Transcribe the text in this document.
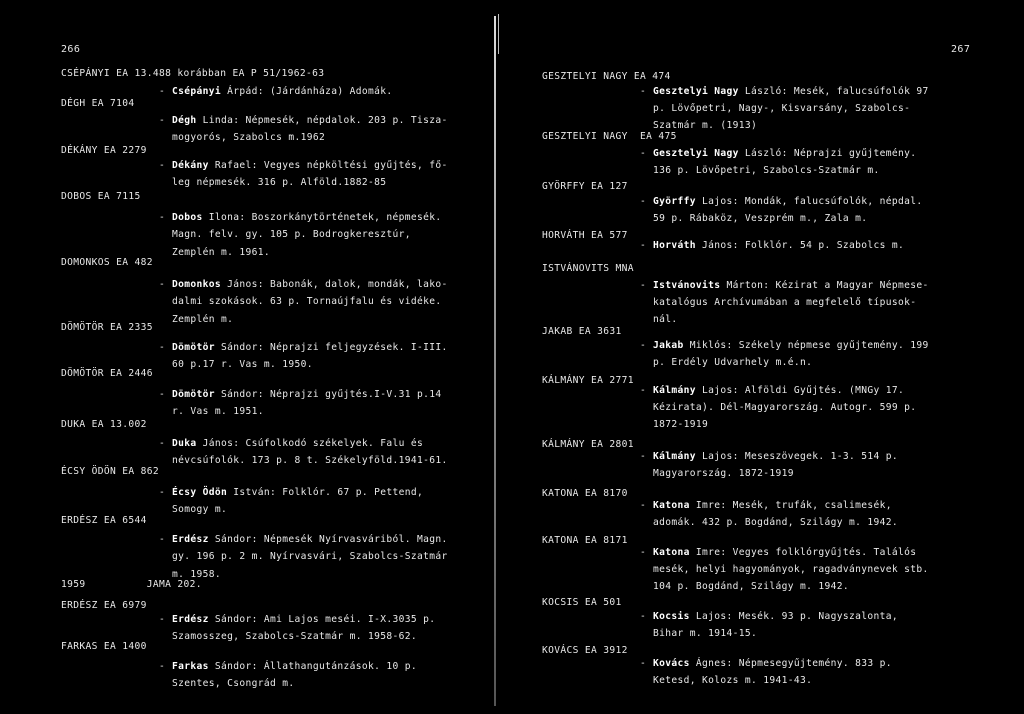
266	267
CSÉPÁNYI EA 13.488 korábban EA P 51/1962-63
- Csépányi Árpád: (Járdánháza) Adomák.
DÉGH EA 7104
- Dégh Linda: Népmesék, népdalok. 203 p. Tisza-
mogyorós, Szabolcs m.1962
DÉKÁNY EA 2279
- Dékány Rafael: Vegyes népköltési gyűjtés, fő-
leg népmesék. 316 p. Alföld.1882-85
DOBOS EA 7115
- Dobos Ilona: Boszorkánytörténetek, népmesék.
Magn. felv. gy. 105 p. Bodrogkeresztúr,
Zemplén m. 1961.
DOMONKOS EA 482
- Domonkos János: Babonák, dalok, mondák, lako-
dalmi szokások. 63 p. Tornaújfalu és vidéke.
Zemplén m.
DÖMÖTÖR EA 2335
- Dömötör Sándor: Néprajzi feljegyzések. I-III.
60 p.17 r. Vas m. 1950.
DÖMÖTÖR EA 2446
- Dömötör Sándor: Néprajzi gyűjtés.I-V.31 p.14
r. Vas m. 1951.
DUKA EA 13.002
- Duka János: Csúfolkodó székelyek. Falu és
névcsúfolók. 173 p. 8 t. Székelyföld.1941-61.
ÉCSY ÖDÖN EA 862
- Écsy Ödön István: Folklór. 67 p. Pettend,
Somogy m.
ERDÉSZ EA 6544
- Erdész Sándor: Népmesék Nyírvasváriból. Magn.
gy. 196 p. 2 m. Nyírvasvári, Szabolcs-Szatmár
m. 1958.
1959          JAMA 202.
ERDÉSZ EA 6979
- Erdész Sándor: Ami Lajos meséi. I-X.3035 p.
Szamosszeg, Szabolcs-Szatmár m. 1958-62.
FARKAS EA 1400
- Farkas Sándor: Állathangutánzások. 10 p.
Szentes, Csongrád m.
GESZTELYI NAGY EA 474
- Gesztelyi Nagy László: Mesék, falucsúfolók 97
p. Lövőpetri, Nagy-, Kisvarsány, Szabolcs-
Szatmár m. (1913)
GESZTELYI NAGY  EA 475
- Gesztelyi Nagy László: Néprajzi gyűjtemény.
136 p. Lövőpetri, Szabolcs-Szatmár m.
GYÖRFFY EA 127
- Györffy Lajos: Mondák, falucsúfolók, népdal.
59 p. Rábaköz, Veszprém m., Zala m.
HORVÁTH EA 577
- Horváth János: Folklór. 54 p. Szabolcs m.
ISTVÁNOVITS MNA
- Istvánovits Márton: Kézirat a Magyar Népmese-
katalógus Archívumában a megfelelő típusok-
nál.
JAKAB EA 3631
- Jakab Miklós: Székely népmese gyűjtemény. 199
p. Erdély Udvarhely m.é.n.
KÁLMÁNY EA 2771
- Kálmány Lajos: Alföldi Gyűjtés. (MNGy 17.
Kézirata). Dél-Magyarország. Autogr. 599 p.
1872-1919
KÁLMÁNY EA 2801
- Kálmány Lajos: Meseszövegek. 1-3. 514 p.
Magyarország. 1872-1919
KATONA EA 8170
- Katona Imre: Mesék, trufák, csalimesék,
adomák. 432 p. Bogdánd, Szilágy m. 1942.
KATONA EA 8171
- Katona Imre: Vegyes folklórgyűjtés. Találós
mesék, helyi hagyományok, ragadványnevek stb.
104 p. Bogdánd, Szilágy m. 1942.
KOCSIS EA 501
- Kocsis Lajos: Mesék. 93 p. Nagyszalonta,
Bihar m. 1914-15.
KOVÁCS EA 3912
- Kovács Ágnes: Népmesegyűjtemény. 833 p.
Ketesd, Kolozs m. 1941-43.
